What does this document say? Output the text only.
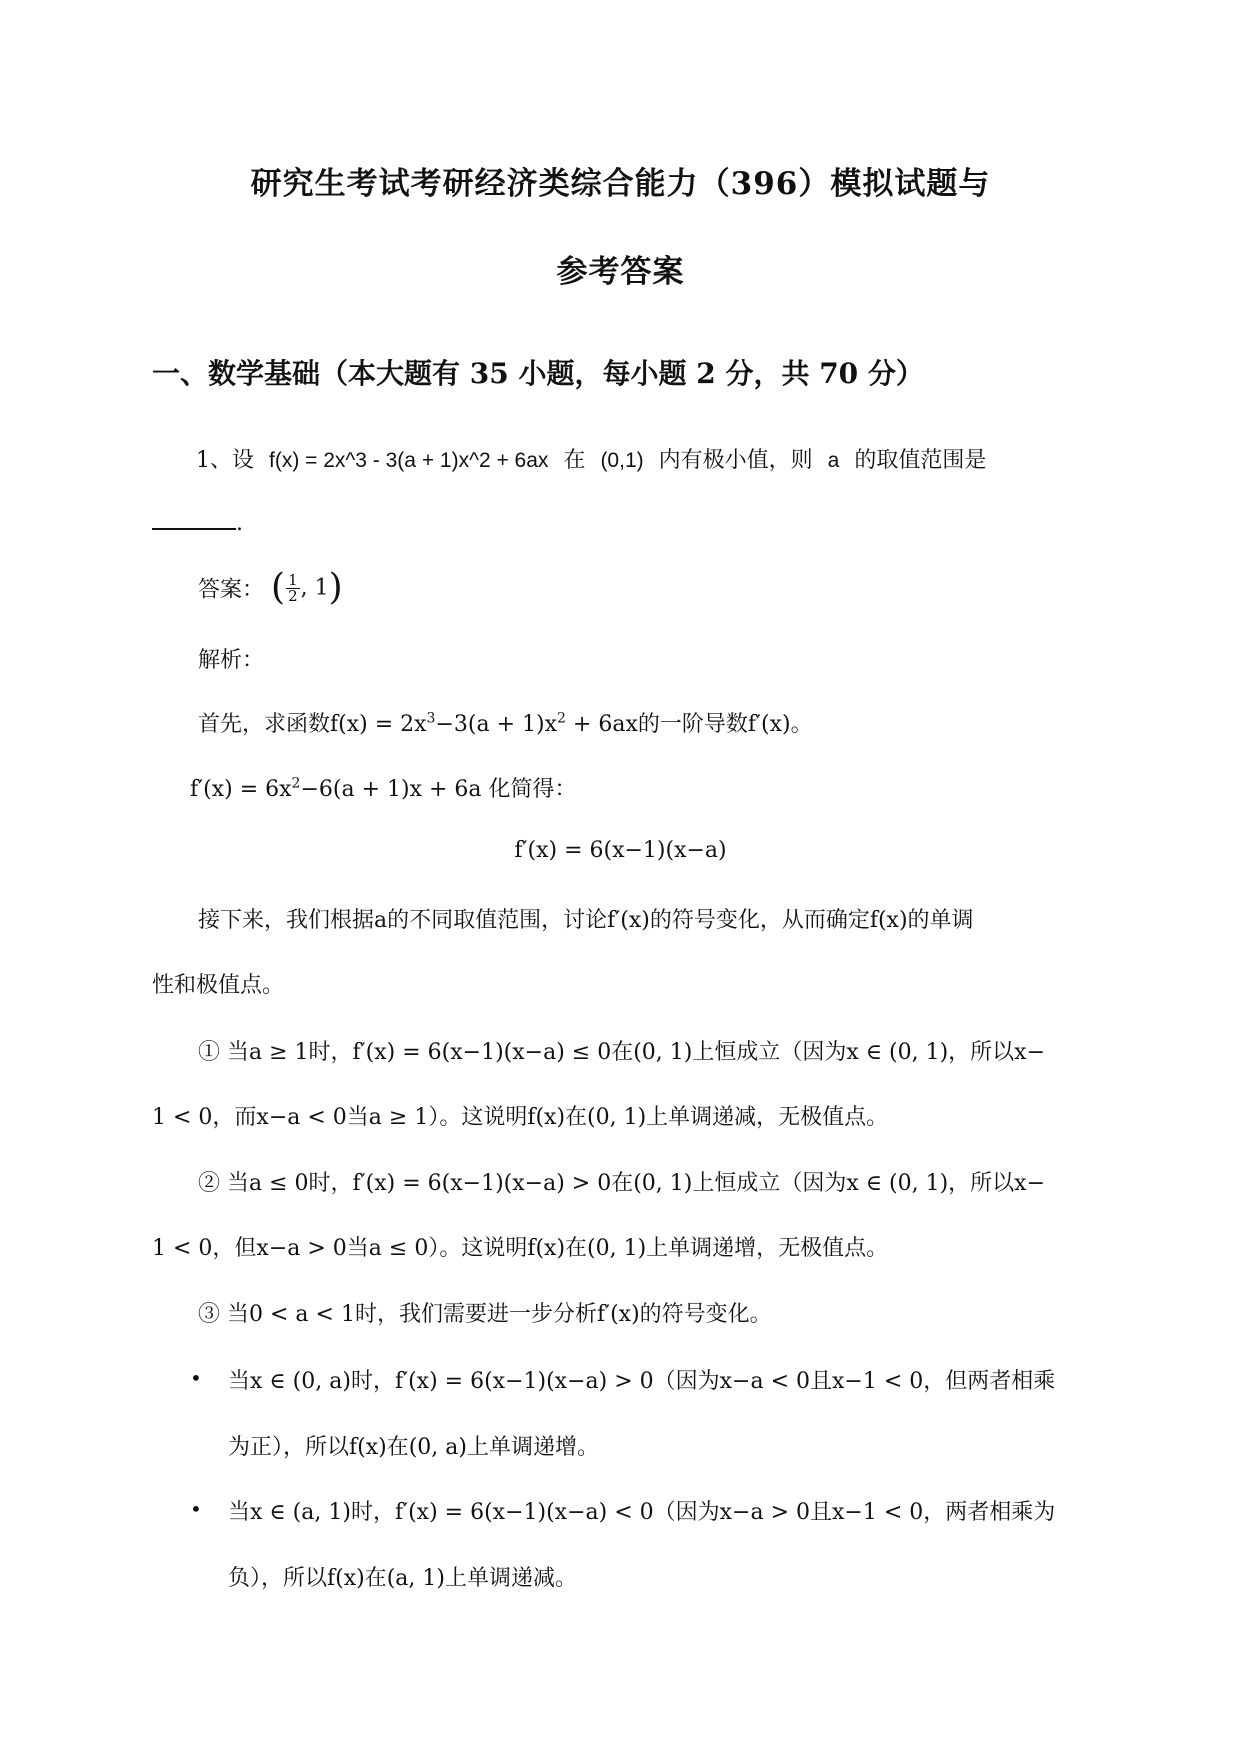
研究生考试考研经济类综合能力（396）模拟试题与
参考答案
一、数学基础（本大题有 35 小题，每小题 2 分，共 70 分）
1、设 f(x) = 2x^3 - 3(a + 1)x^2 + 6ax 在 (0,1) 内有极小值，则 a 的取值范围是
.
答案： ( $\frac{1}{2}$ , 1)
解析：
首先，求函数$f(x) = 2x^3-3(a + 1)x^2 + 6ax$的一阶导数f′(x)。
$f'(x) = 6x^2-6(a + 1)x + 6a$ 化简得：
f′(x) = 6(x−1)(x−a)
接下来，我们根据a的不同取值范围，讨论f′(x)的符号变化，从而确定f(x)的单调
性和极值点。
① 当a ≥ 1时，f′(x) = 6(x−1)(x−a) ≤ 0在(0, 1)上恒成立（因为x ∈ (0, 1)，所以x−
1 < 0，而x−a < 0当a ≥ 1）。这说明f(x)在(0, 1)上单调递减，无极值点。
② 当a ≤ 0时，f′(x) = 6(x−1)(x−a) > 0在(0, 1)上恒成立（因为x ∈ (0, 1)，所以x−
1 < 0，但x−a > 0当a ≤ 0）。这说明f(x)在(0, 1)上单调递增，无极值点。
③ 当0 < a < 1时，我们需要进一步分析f′(x)的符号变化。
• 当x ∈ (0, a)时，f′(x) = 6(x−1)(x−a) > 0（因为x−a < 0且x−1 < 0，但两者相乘
为正），所以f(x)在(0, a)上单调递增。
• 当x ∈ (a, 1)时，f′(x) = 6(x−1)(x−a) < 0（因为x−a > 0且x−1 < 0，两者相乘为
负），所以f(x)在(a, 1)上单调递减。
